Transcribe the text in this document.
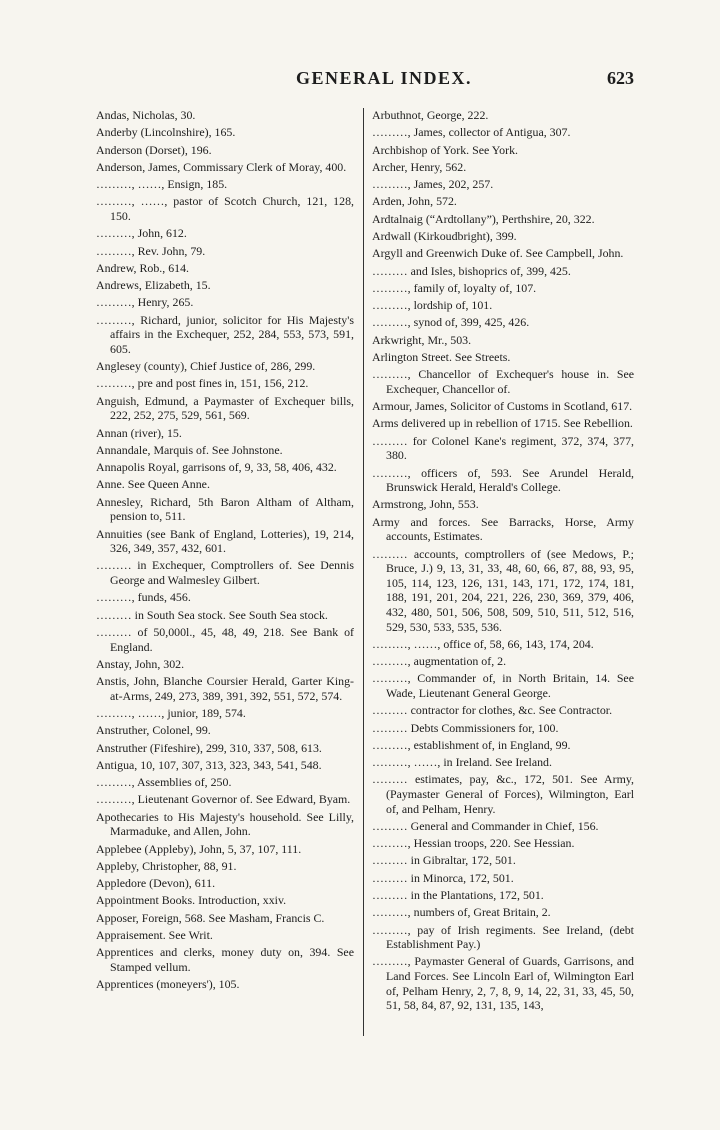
GENERAL INDEX.	623

Andas, Nicholas, 30.

Anderby (Lincolnshire), 165.

Anderson (Dorset), 196.

Anderson, James, Commissary Clerk of Moray, 400.

………, ……, Ensign, 185.

………, ……, pastor of Scotch Church, 121, 128, 150.

………, John, 612.

………, Rev. John, 79.

Andrew, Rob., 614.

Andrews, Elizabeth, 15.

………, Henry, 265.

………, Richard, junior, solicitor for His Majesty's affairs in the Exchequer, 252, 284, 553, 573, 591, 605.

Anglesey (county), Chief Justice of, 286, 299.

………, pre and post fines in, 151, 156, 212.

Anguish, Edmund, a Paymaster of Exchequer bills, 222, 252, 275, 529, 561, 569.

Annan (river), 15.

Annandale, Marquis of. See Johnstone.

Annapolis Royal, garrisons of, 9, 33, 58, 406, 432.

Anne. See Queen Anne.

Annesley, Richard, 5th Baron Altham of Altham, pension to, 511.

Annuities (see Bank of England, Lotteries), 19, 214, 326, 349, 357, 432, 601.

……… in Exchequer, Comptrollers of. See Dennis George and Walmesley Gilbert.

………, funds, 456.

……… in South Sea stock. See South Sea stock.

……… of 50,000l., 45, 48, 49, 218. See Bank of England.

Anstay, John, 302.

Anstis, John, Blanche Coursier Herald, Garter King-at-Arms, 249, 273, 389, 391, 392, 551, 572, 574.

………, ……, junior, 189, 574.

Anstruther, Colonel, 99.

Anstruther (Fifeshire), 299, 310, 337, 508, 613.

Antigua, 10, 107, 307, 313, 323, 343, 541, 548.

………, Assemblies of, 250.

………, Lieutenant Governor of. See Edward, Byam.

Apothecaries to His Majesty's household. See Lilly, Marmaduke, and Allen, John.

Applebee (Appleby), John, 5, 37, 107, 111.

Appleby, Christopher, 88, 91.

Appledore (Devon), 611.

Appointment Books. Introduction, xxiv.

Apposer, Foreign, 568. See Masham, Francis C.

Appraisement. See Writ.

Apprentices and clerks, money duty on, 394. See Stamped vellum.

Apprentices (moneyers'), 105.

Arbuthnot, George, 222.

………, James, collector of Antigua, 307.

Archbishop of York. See York.

Archer, Henry, 562.

………, James, 202, 257.

Arden, John, 572.

Ardtalnaig (“Ardtollany”), Perthshire, 20, 322.

Ardwall (Kirkoudbright), 399.

Argyll and Greenwich Duke of. See Campbell, John.

……… and Isles, bishoprics of, 399, 425.

………, family of, loyalty of, 107.

………, lordship of, 101.

………, synod of, 399, 425, 426.

Arkwright, Mr., 503.

Arlington Street. See Streets.

………, Chancellor of Exchequer's house in. See Exchequer, Chancellor of.

Armour, James, Solicitor of Customs in Scotland, 617.

Arms delivered up in rebellion of 1715. See Rebellion.

……… for Colonel Kane's regiment, 372, 374, 377, 380.

………, officers of, 593. See Arundel Herald, Brunswick Herald, Herald's College.

Armstrong, John, 553.

Army and forces. See Barracks, Horse, Army accounts, Estimates.

……… accounts, comptrollers of (see Medows, P.; Bruce, J.) 9, 13, 31, 33, 48, 60, 66, 87, 88, 93, 95, 105, 114, 123, 126, 131, 143, 171, 172, 174, 181, 188, 191, 201, 204, 221, 226, 230, 369, 379, 406, 432, 480, 501, 506, 508, 509, 510, 511, 512, 516, 529, 530, 533, 535, 536.

………, ……, office of, 58, 66, 143, 174, 204.

………, augmentation of, 2.

………, Commander of, in North Britain, 14. See Wade, Lieutenant General George.

……… contractor for clothes, &c. See Contractor.

……… Debts Commissioners for, 100.

………, establishment of, in England, 99.

………, ……, in Ireland. See Ireland.

……… estimates, pay, &c., 172, 501. See Army, (Paymaster General of Forces), Wilmington, Earl of, and Pelham, Henry.

……… General and Commander in Chief, 156.

………, Hessian troops, 220. See Hessian.

……… in Gibraltar, 172, 501.

……… in Minorca, 172, 501.

……… in the Plantations, 172, 501.

………, numbers of, Great Britain, 2.

………, pay of Irish regiments. See Ireland, (debt Establishment Pay.)

………, Paymaster General of Guards, Garrisons, and Land Forces. See Lincoln Earl of, Wilmington Earl of, Pelham Henry, 2, 7, 8, 9, 14, 22, 31, 33, 45, 50, 51, 58, 84, 87, 92, 131, 135, 143,
